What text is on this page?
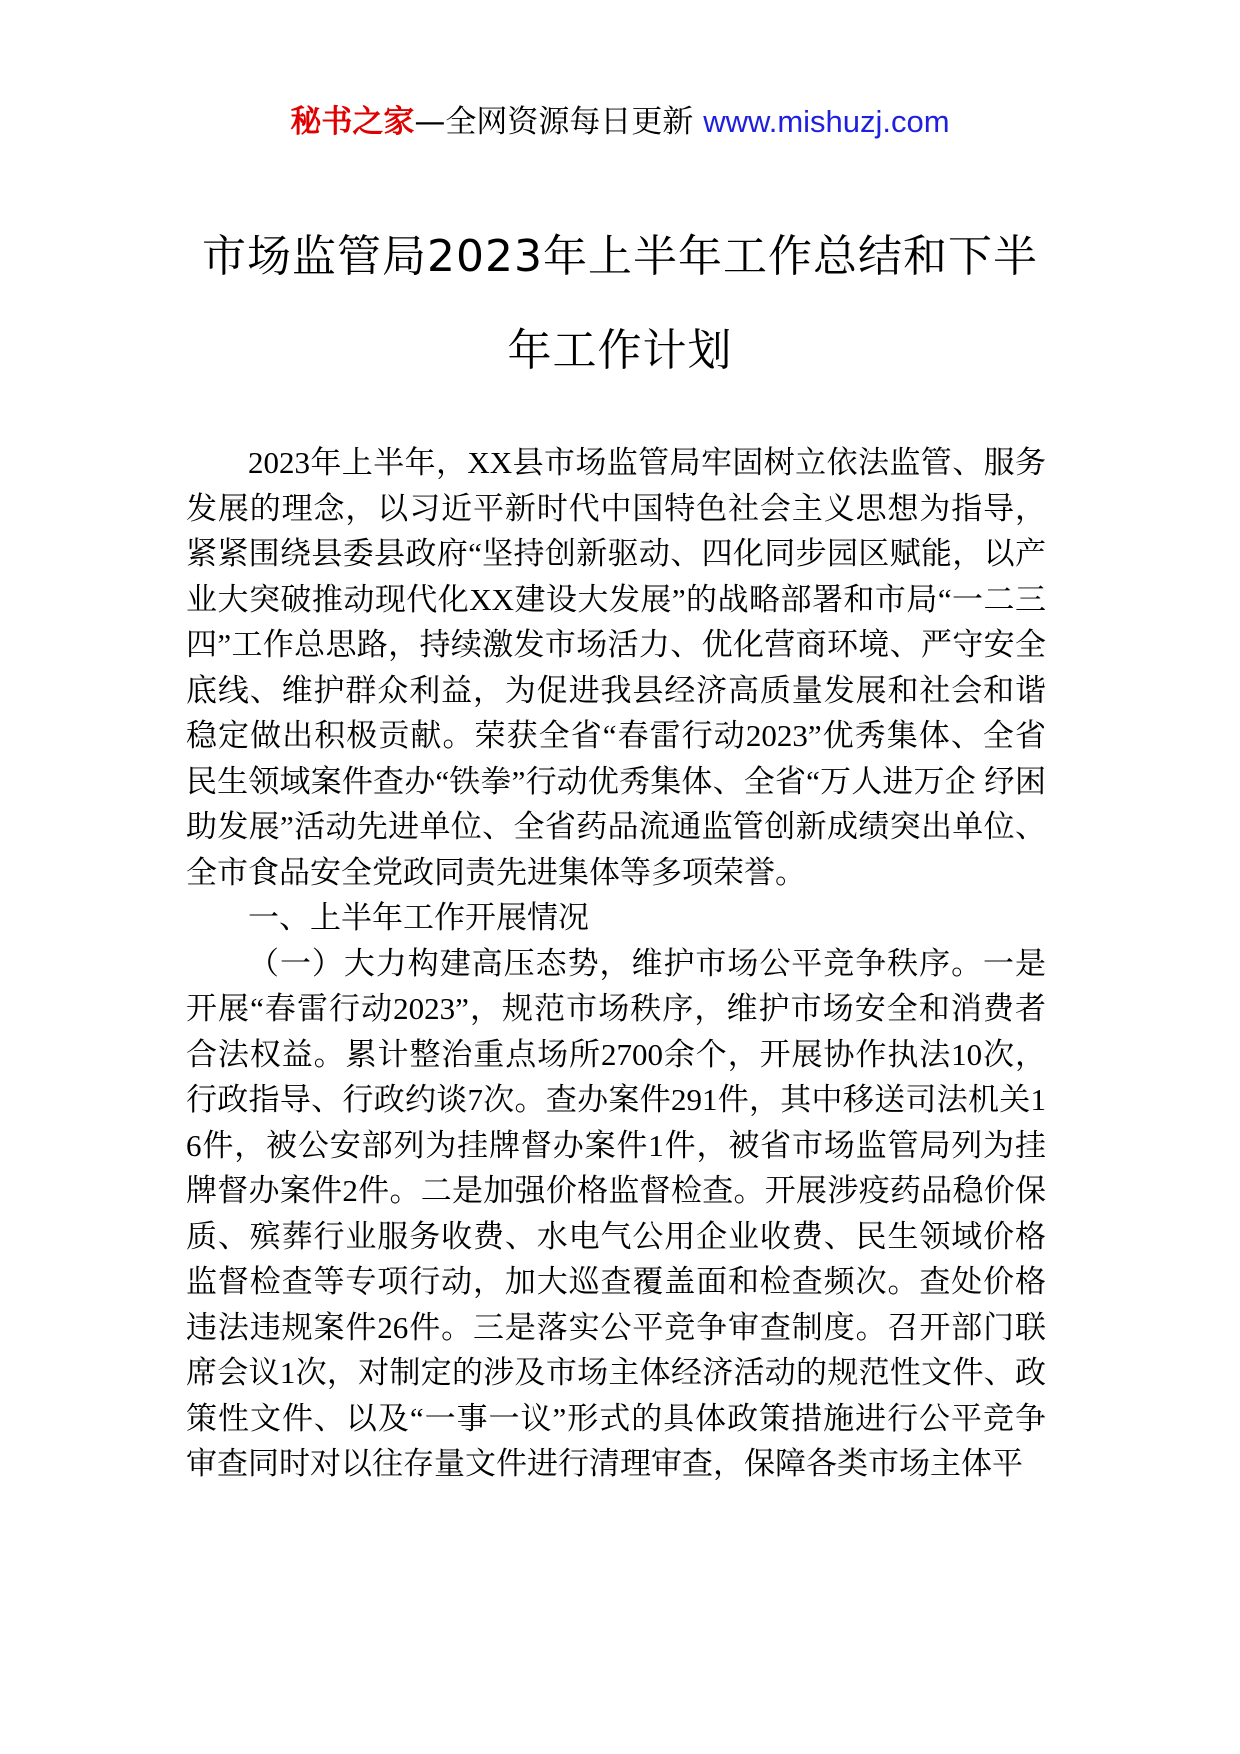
秘书之家—全网资源每日更新 www.mishuzj.com
市场监管局2023年上半年工作总结和下半
年工作计划

2023年上半年，XX县市场监管局牢固树立依法监管、服务发展的理念，以习近平新时代中国特色社会主义思想为指导，紧紧围绕县委县政府“坚持创新驱动、四化同步园区赋能，以产业大突破推动现代化XX建设大发展”的战略部署和市局“一二三四”工作总思路，持续激发市场活力、优化营商环境、严守安全底线、维护群众利益，为促进我县经济高质量发展和社会和谐稳定做出积极贡献。荣获全省“春雷行动2023”优秀集体、全省民生领域案件查办“铁拳”行动优秀集体、全省“万人进万企 纾困助发展”活动先进单位、全省药品流通监管创新成绩突出单位、全市食品安全党政同责先进集体等多项荣誉。

一、上半年工作开展情况

（一）大力构建高压态势，维护市场公平竞争秩序。一是开展“春雷行动2023”，规范市场秩序，维护市场安全和消费者合法权益。累计整治重点场所2700余个，开展协作执法10次，行政指导、行政约谈7次。查办案件291件，其中移送司法机关16件，被公安部列为挂牌督办案件1件，被省市场监管局列为挂牌督办案件2件。二是加强价格监督检查。开展涉疫药品稳价保质、殡葬行业服务收费、水电气公用企业收费、民生领域价格监督检查等专项行动，加大巡查覆盖面和检查频次。查处价格违法违规案件26件。三是落实公平竞争审查制度。召开部门联席会议1次，对制定的涉及市场主体经济活动的规范性文件、政策性文件、以及“一事一议”形式的具体政策措施进行公平竞争审查同时对以往存量文件进行清理审查，保障各类市场主体平
